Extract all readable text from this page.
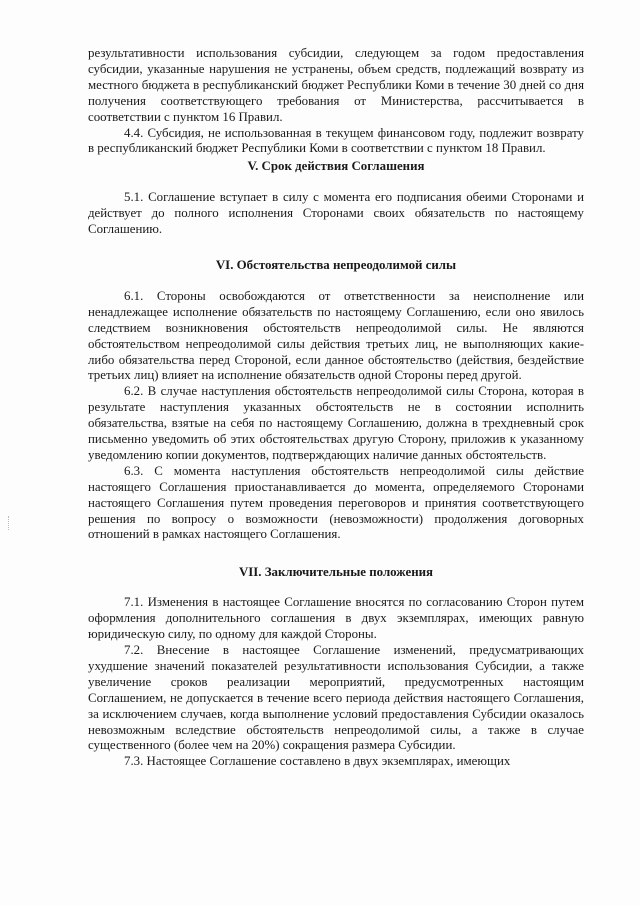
результативности использования субсидии, следующем за годом предоставления субсидии, указанные нарушения не устранены, объем средств, подлежащий возврату из местного бюджета в республиканский бюджет Республики Коми в течение 30 дней со дня получения соответствующего требования от Министерства, рассчитывается в соответствии с пунктом 16 Правил.

4.4. Субсидия, не использованная в текущем финансовом году, подлежит возврату в республиканский бюджет Республики Коми в соответствии с пунктом 18 Правил.

V. Срок действия Соглашения

5.1. Соглашение вступает в силу с момента его подписания обеими Сторонами и действует до полного исполнения Сторонами своих обязательств по настоящему Соглашению.

VI. Обстоятельства непреодолимой силы

6.1. Стороны освобождаются от ответственности за неисполнение или ненадлежащее исполнение обязательств по настоящему Соглашению, если оно явилось следствием возникновения обстоятельств непреодолимой силы. Не являются обстоятельством непреодолимой силы действия третьих лиц, не выполняющих какие-либо обязательства перед Стороной, если данное обстоятельство (действия, бездействие третьих лиц) влияет на исполнение обязательств одной Стороны перед другой.

6.2. В случае наступления обстоятельств непреодолимой силы Сторона, которая в результате наступления указанных обстоятельств не в состоянии исполнить обязательства, взятые на себя по настоящему Соглашению, должна в трехдневный срок письменно уведомить об этих обстоятельствах другую Сторону, приложив к указанному уведомлению копии документов, подтверждающих наличие данных обстоятельств.

6.3. С момента наступления обстоятельств непреодолимой силы действие настоящего Соглашения приостанавливается до момента, определяемого Сторонами настоящего Соглашения путем проведения переговоров и принятия соответствующего решения по вопросу о возможности (невозможности) продолжения договорных отношений в рамках настоящего Соглашения.

VII. Заключительные положения

7.1. Изменения в настоящее Соглашение вносятся по согласованию Сторон путем оформления дополнительного соглашения в двух экземплярах, имеющих равную юридическую силу, по одному для каждой Стороны.

7.2. Внесение в настоящее Соглашение изменений, предусматривающих ухудшение значений показателей результативности использования Субсидии, а также увеличение сроков реализации мероприятий, предусмотренных настоящим Соглашением, не допускается в течение всего периода действия настоящего Соглашения, за исключением случаев, когда выполнение условий предоставления Субсидии оказалось невозможным вследствие обстоятельств непреодолимой силы, а также в случае существенного (более чем на 20%) сокращения размера Субсидии.

7.3. Настоящее Соглашение составлено в двух экземплярах, имеющих
